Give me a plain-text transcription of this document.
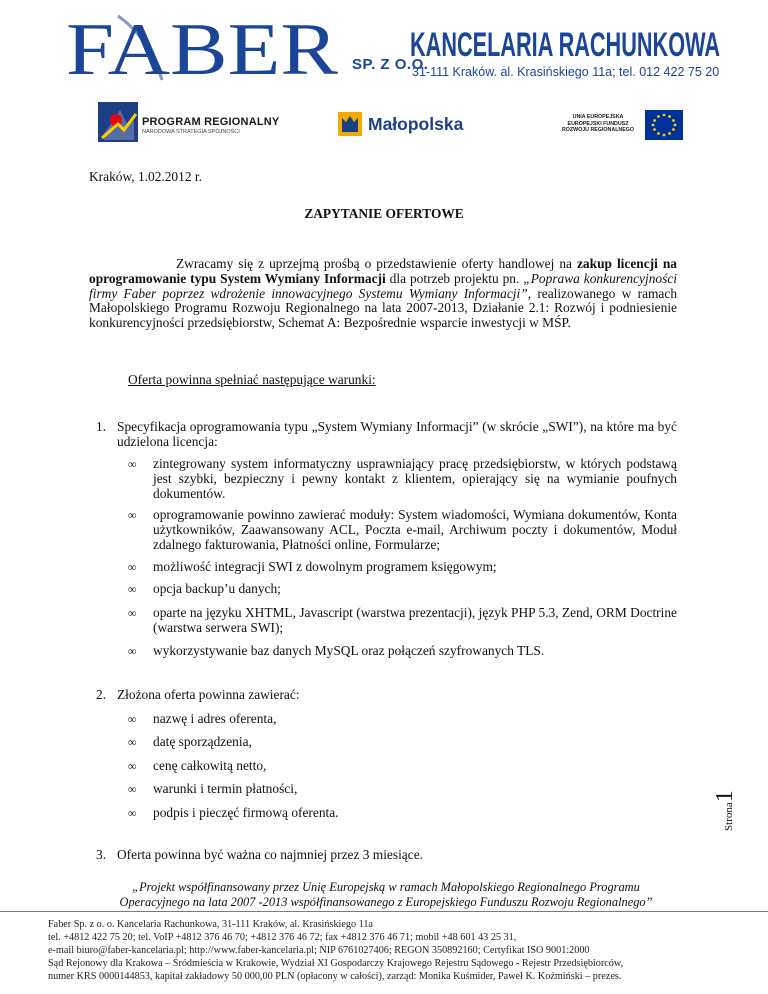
FABER SP. Z O.O.
KANCELARIA RACHUNKOWA
31-111 Kraków. al. Krasińskiego 11a; tel. 012 422 75 20
PROGRAM REGIONALNY
NARODOWA STRATEGIA SPÓJNOŚCI	Małopolska	UNIA EUROPEJSKA
EUROPEJSKI FUNDUSZ
ROZWOJU REGIONALNEGO
Kraków, 1.02.2012 r.
ZAPYTANIE OFERTOWE
Zwracamy się z uprzejmą prośbą o przedstawienie oferty handlowej na zakup licencji na oprogramowanie typu System Wymiany Informacji dla potrzeb projektu pn. „Poprawa konkurencyjności firmy Faber poprzez wdrożenie innowacyjnego Systemu Wymiany Informacji”, realizowanego w ramach Małopolskiego Programu Rozwoju Regionalnego na lata 2007-2013, Działanie 2.1: Rozwój i podniesienie konkurencyjności przedsiębiorstw, Schemat A: Bezpośrednie wsparcie inwestycji w MŚP.
Oferta powinna spełniać następujące warunki:
1. Specyfikacja oprogramowania typu „System Wymiany Informacji” (w skrócie „SWI”), na które ma być udzielona licencja:
∞ zintegrowany system informatyczny usprawniający pracę przedsiębiorstw, w których podstawą jest szybki, bezpieczny i pewny kontakt z klientem, opierający się na wymianie poufnych dokumentów.
∞ oprogramowanie powinno zawierać moduły: System wiadomości, Wymiana dokumentów, Konta użytkowników, Zaawansowany ACL, Poczta e-mail, Archiwum poczty i dokumentów, Moduł zdalnego fakturowania, Płatności online, Formularze;
∞ możliwość integracji SWI z dowolnym programem księgowym;
∞ opcja backup’u danych;
∞ oparte na języku XHTML, Javascript (warstwa prezentacji), język PHP 5.3, Zend, ORM Doctrine (warstwa serwera SWI);
∞ wykorzystywanie baz danych MySQL oraz połączeń szyfrowanych TLS.
2. Złożona oferta powinna zawierać:
∞ nazwę i adres oferenta,
∞ datę sporządzenia,
∞ cenę całkowitą netto,
∞ warunki i termin płatności,
∞ podpis i pieczęć firmową oferenta.
3. Oferta powinna być ważna co najmniej przez 3 miesiące.
„Projekt współfinansowany przez Unię Europejską w ramach Małopolskiego Regionalnego Programu Operacyjnego na lata 2007 -2013 współfinansowanego z Europejskiego Funduszu Rozwoju Regionalnego”
Strona1
Faber Sp. z o. o. Kancelaria Rachunkowa, 31-111 Kraków, al. Krasińskiego 11a
tel. +4812 422 75 20; tel. VoIP +4812 376 46 70; +4812 376 46 72; fax +4812 376 46 71; mobil +48 601 43 25 31,
e-mail biuro@faber-kancelaria.pl; http://www.faber-kancelaria.pl; NIP 6761027406; REGON 350892160; Certyfikat ISO 9001:2000
Sąd Rejonowy dla Krakowa – Śródmieścia w Krakowie, Wydział XI Gospodarczy Krajowego Rejestru Sądowego - Rejestr Przedsiębiorców,
numer KRS 0000144853, kapitał zakładowy 50 000,00 PLN (opłacony w całości), zarząd: Monika Kuśmider, Paweł K. Koźmiński – prezes.
